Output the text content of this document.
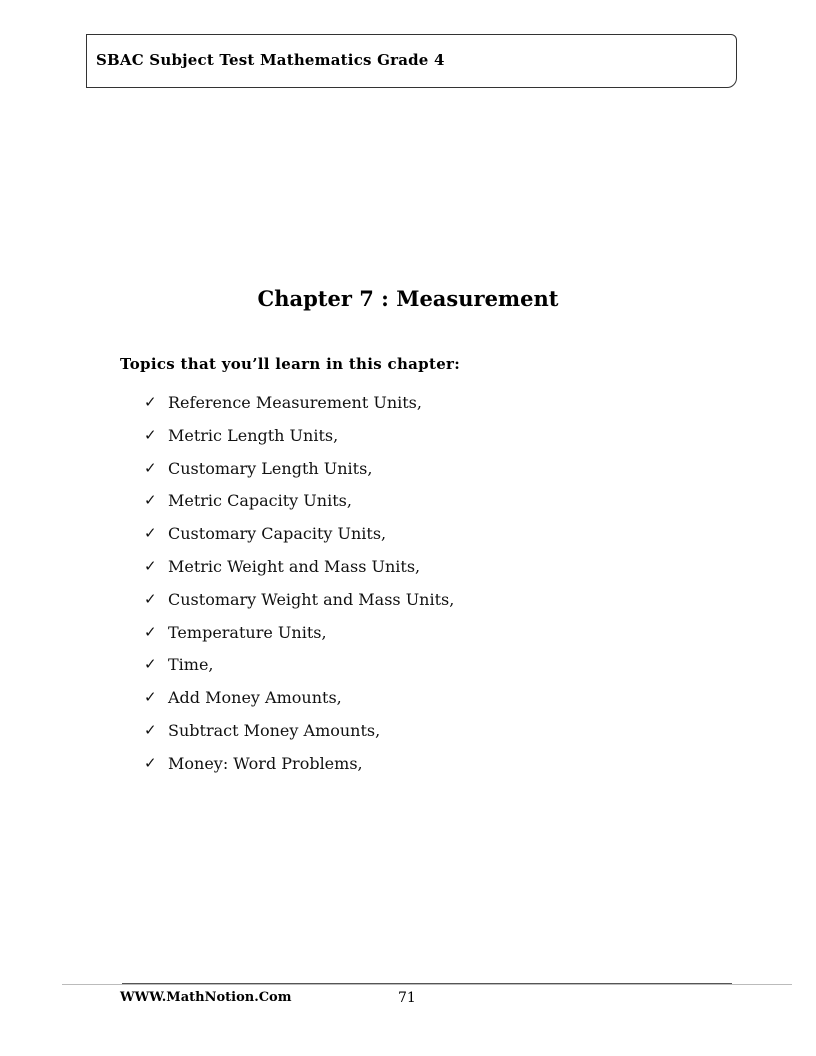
SBAC Subject Test Mathematics Grade 4
Chapter 7 : Measurement
Topics that you’ll learn in this chapter:
✓ Reference Measurement Units,
✓ Metric Length Units,
✓ Customary Length Units,
✓ Metric Capacity Units,
✓ Customary Capacity Units,
✓ Metric Weight and Mass Units,
✓ Customary Weight and Mass Units,
✓ Temperature Units,
✓ Time,
✓ Add Money Amounts,
✓ Subtract Money Amounts,
✓ Money: Word Problems,
WWW.MathNotion.Com	71
